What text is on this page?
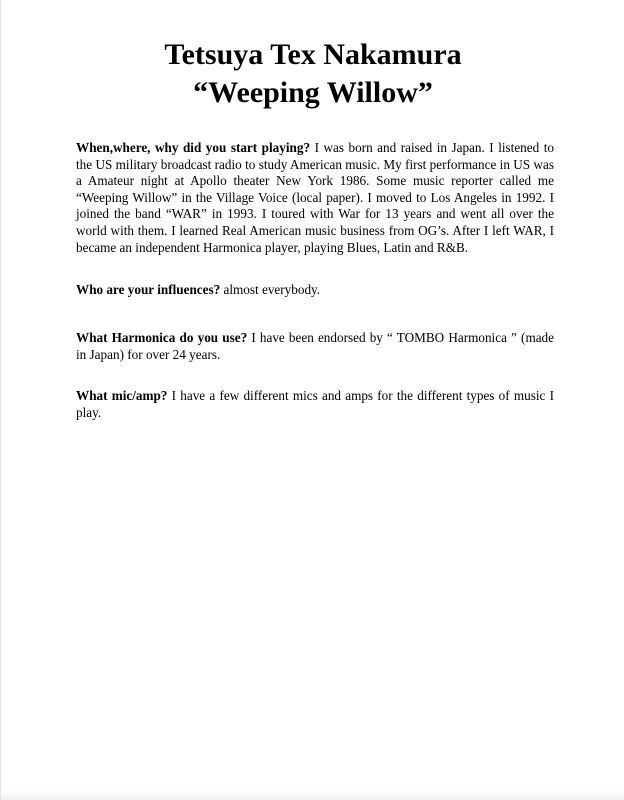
Tetsuya Tex Nakamura

“Weeping Willow”

When,where, why did you start playing? I was born and raised in Japan. I listened to the US military broadcast radio to study American music. My first performance in US was a Amateur night at Apollo theater New York 1986. Some music reporter called me “Weeping Willow” in the Village Voice (local paper). I moved to Los Angeles in 1992. I joined the band “WAR” in 1993. I toured with War for 13 years and went all over the world with them. I learned Real American music business from OG’s. After I left WAR, I became an independent Harmonica player, playing Blues, Latin and R&B.

Who are your influences? almost everybody.

What Harmonica do you use? I have been endorsed by “ TOMBO Harmonica ” (made in Japan) for over 24 years.

What mic/amp? I have a few different mics and amps for the different types of music I play.
